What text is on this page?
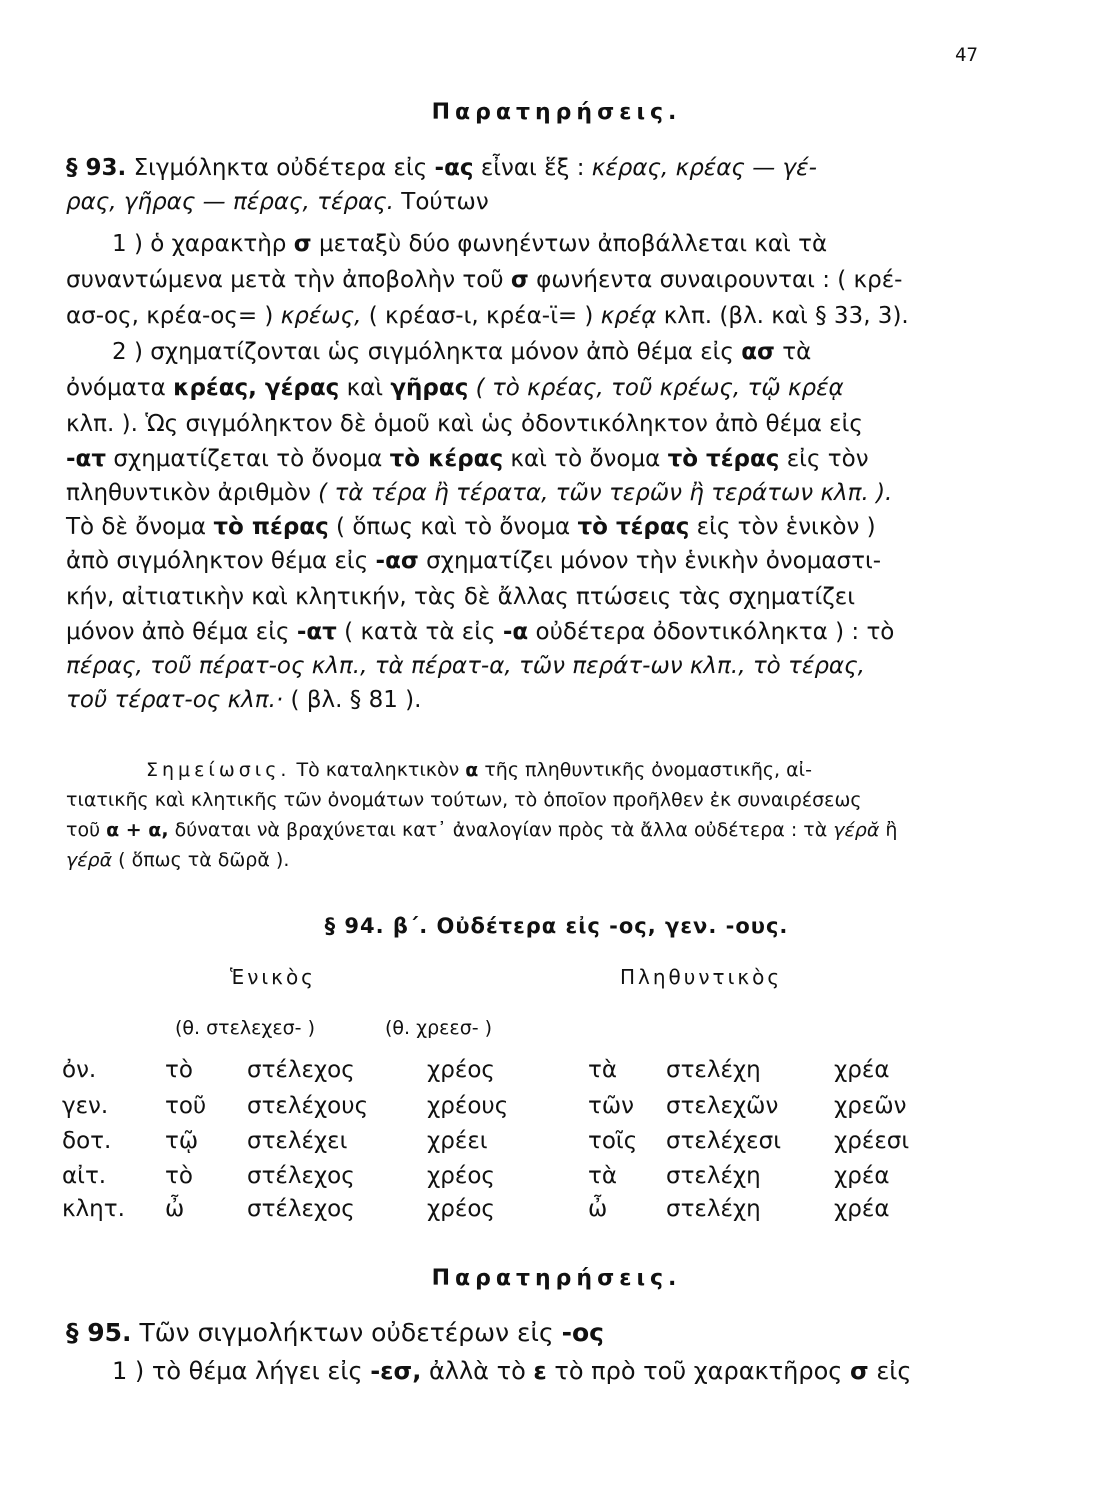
47
Παρατηρήσεις.
§ 93. Σιγμόληκτα οὐδέτερα εἰς -ας εἶναι ἕξ : κέρας, κρέας — γέ-
ρας, γῆρας — πέρας, τέρας. Τούτων
1 ) ὁ χαρακτὴρ σ μεταξὺ δύο φωνηέντων ἀποβάλλεται καὶ τὰ
συναντώμενα μετὰ τὴν ἀποβολὴν τοῦ σ φωνήεντα συναιρουνται : ( κρέ-
ασ-ος, κρέα-ος= ) κρέως, ( κρέασ-ι, κρέα-ϊ= ) κρέᾳ κλπ. (βλ. καὶ § 33, 3).
2 ) σχηματίζονται ὡς σιγμόληκτα μόνον ἀπὸ θέμα εἰς ασ τὰ
ὀνόματα κρέας, γέρας καὶ γῆρας ( τὸ κρέας, τοῦ κρέως, τῷ κρέᾳ
κλπ. ). Ὡς σιγμόληκτον δὲ ὁμοῦ καὶ ὡς ὀδοντικόληκτον ἀπὸ θέμα εἰς
-ατ σχηματίζεται τὸ ὄνομα τὸ κέρας καὶ τὸ ὄνομα τὸ τέρας εἰς τὸν
πληθυντικὸν ἀριθμὸν ( τὰ τέρα ἢ τέρατα, τῶν τερῶν ἢ τεράτων κλπ. ).
Τὸ δὲ ὄνομα τὸ πέρας ( ὅπως καὶ τὸ ὄνομα τὸ τέρας εἰς τὸν ἑνικὸν )
ἀπὸ σιγμόληκτον θέμα εἰς -ασ σχηματίζει μόνον τὴν ἑνικὴν ὀνομαστι-
κήν, αἰτιατικὴν καὶ κλητικήν, τὰς δὲ ἄλλας πτώσεις τὰς σχηματίζει
μόνον ἀπὸ θέμα εἰς -ατ ( κατὰ τὰ εἰς -α οὐδέτερα ὀδοντικόληκτα ) : τὸ
πέρας, τοῦ πέρατ-ος κλπ., τὰ πέρατ-α, τῶν περάτ-ων κλπ., τὸ τέρας,
τοῦ τέρατ-ος κλπ.· ( βλ. § 81 ).
Σημείωσις. Τὸ καταληκτικὸν α τῆς πληθυντικῆς ὀνομαστικῆς, αἰ-
τιατικῆς καὶ κλητικῆς τῶν ὀνομάτων τούτων, τὸ ὁποῖον προῆλθεν ἐκ συναιρέσεως
τοῦ α + α, δύναται νὰ βραχύνεται κατ᾽ ἀναλογίαν πρὸς τὰ ἄλλα οὐδέτερα : τὰ γέρᾰ ἢ
γέρᾱ ( ὅπως τὰ δῶρᾰ ).
§ 94. β΄. Οὐδέτερα εἰς -ος, γεν. -ους.
Ἑνικὸς	Πληθυντικὸς
(θ. στελεχεσ- )	(θ. χρεεσ- )
ὀν.	τὸ στέλεχος	χρέος	τὰ στελέχη	χρέα
γεν. τοῦ στελέχους	χρέους	τῶν στελεχῶν χρεῶν
δοτ. τῷ στελέχει	χρέει	τοῖς στελέχεσι χρέεσι
αἰτ.	τὸ στέλεχος	χρέος	τὰ στελέχη	χρέα
κλητ. ὦ	στέλεχος	χρέος	ὦ	στελέχη	χρέα
Παρατηρήσεις.
§ 95. Τῶν σιγμολήκτων οὐδετέρων εἰς -ος
1 ) τὸ θέμα λήγει εἰς -εσ, ἀλλὰ τὸ ε τὸ πρὸ τοῦ χαρακτῆρος σ εἰς
